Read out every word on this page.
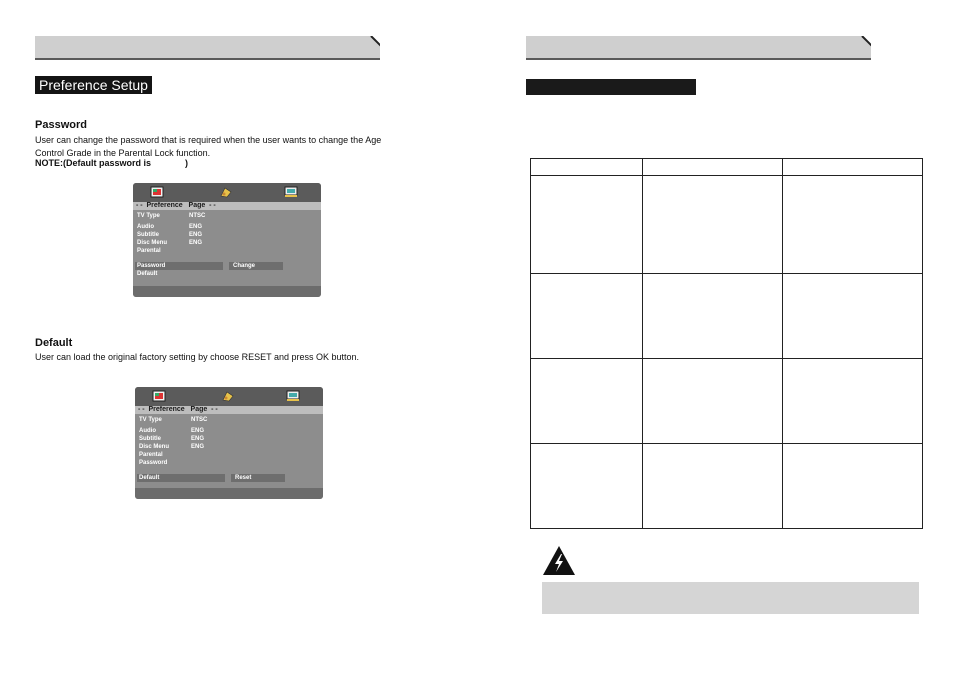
Preference Setup
Password
User can change the password that is required when the user wants to change the Age
Control Grade in the Parental Lock function.
NOTE:(Default password is	)
- -  Preference   Page  - -
TV Type	NTSC
Audio	ENG
Subtitle	ENG
Disc Menu	ENG
Parental
Password	Change
Default
Default
User can load the original factory setting by choose RESET and press OK button.
- -  Preference   Page  - -
TV Type	NTSC
Audio	ENG
Subtitle	ENG
Disc Menu	ENG
Parental
Password
Default	Reset
